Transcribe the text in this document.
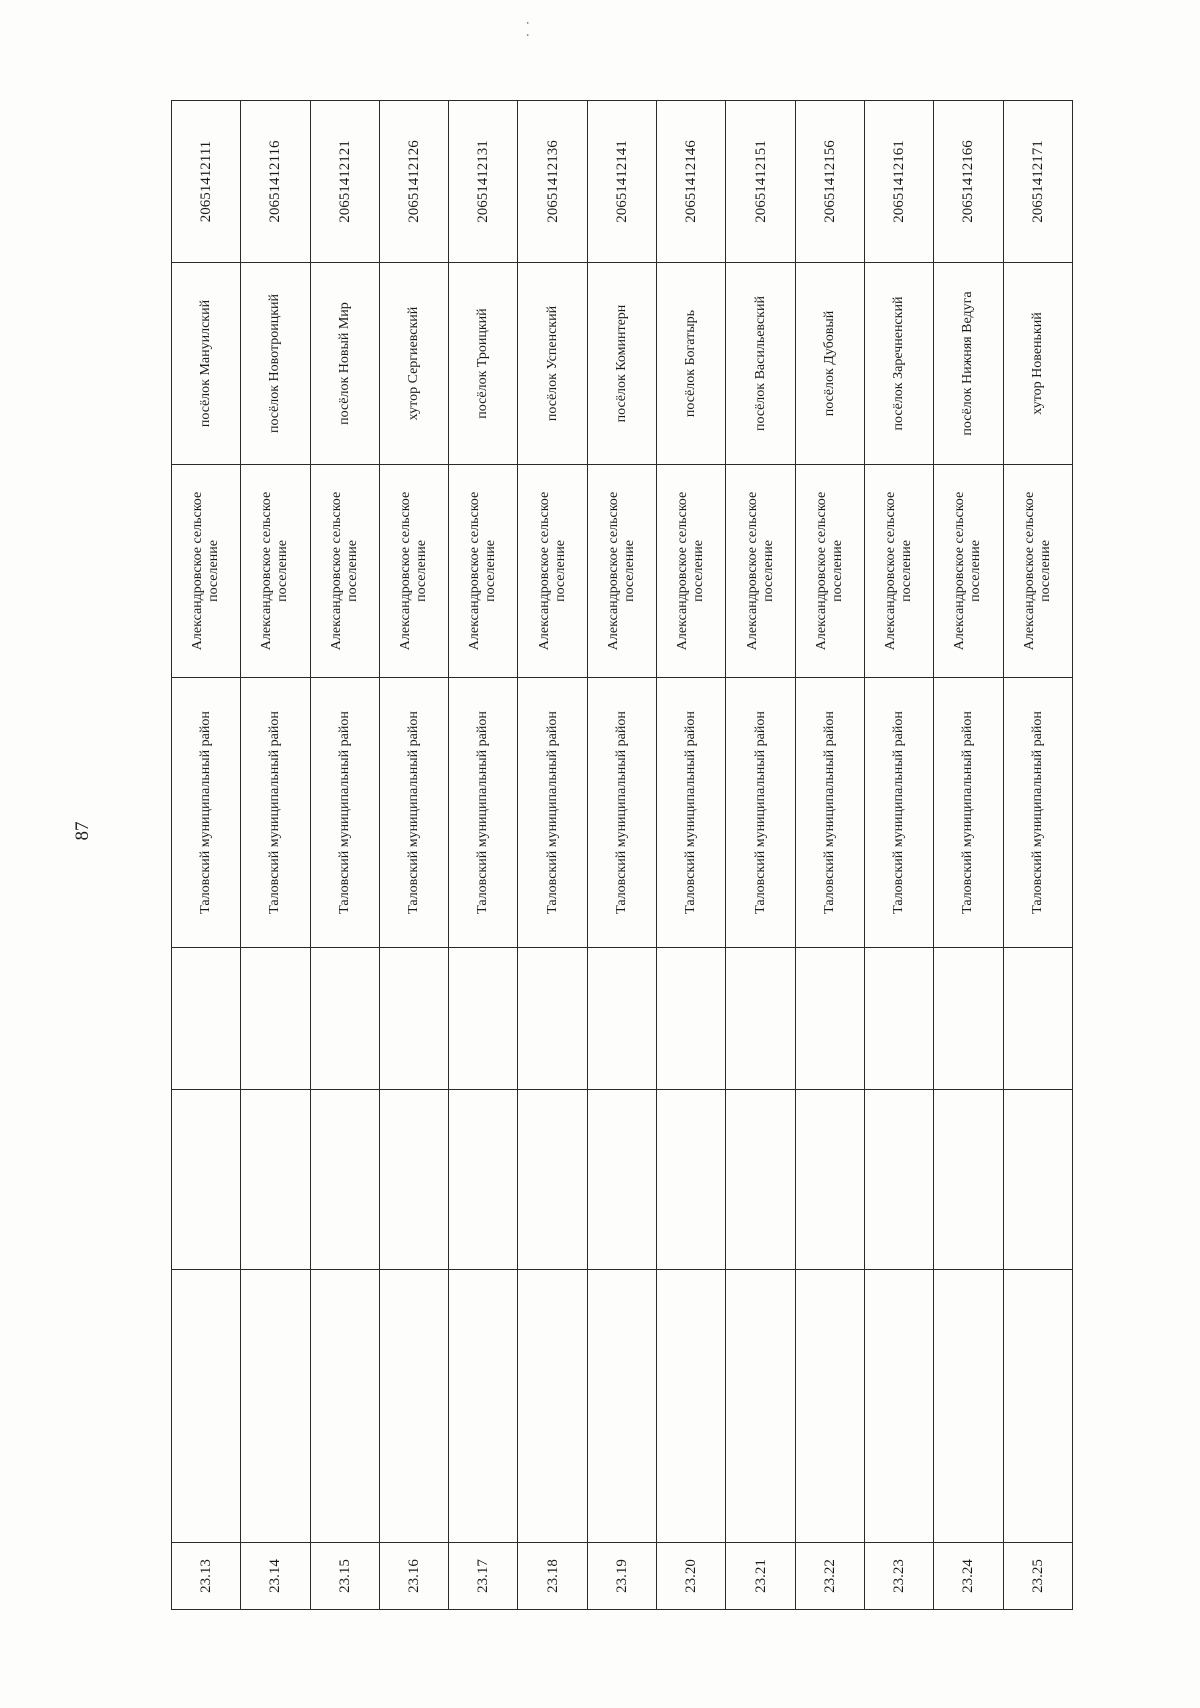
87
· ·
23.13				Таловский муниципальный район	Александровское сельское поселение	посёлок Мануилский	20651412111
23.14				Таловский муниципальный район	Александровское сельское поселение	посёлок Новотроицкий	20651412116
23.15				Таловский муниципальный район	Александровское сельское поселение	посёлок Новый Мир	20651412121
23.16				Таловский муниципальный район	Александровское сельское поселение	хутор Сергиевский	20651412126
23.17				Таловский муниципальный район	Александровское сельское поселение	посёлок Троицкий	20651412131
23.18				Таловский муниципальный район	Александровское сельское поселение	посёлок Успенский	20651412136
23.19				Таловский муниципальный район	Александровское сельское поселение	посёлок Коминтерн	20651412141
23.20				Таловский муниципальный район	Александровское сельское поселение	посёлок Богатырь	20651412146
23.21				Таловский муниципальный район	Александровское сельское поселение	посёлок Васильевский	20651412151
23.22				Таловский муниципальный район	Александровское сельское поселение	посёлок Дубовый	20651412156
23.23				Таловский муниципальный район	Александровское сельское поселение	посёлок Заречненский	20651412161
23.24				Таловский муниципальный район	Александровское сельское поселение	посёлок Нижняя Ведуга	20651412166
23.25				Таловский муниципальный район	Александровское сельское поселение	хутор Новенький	20651412171
